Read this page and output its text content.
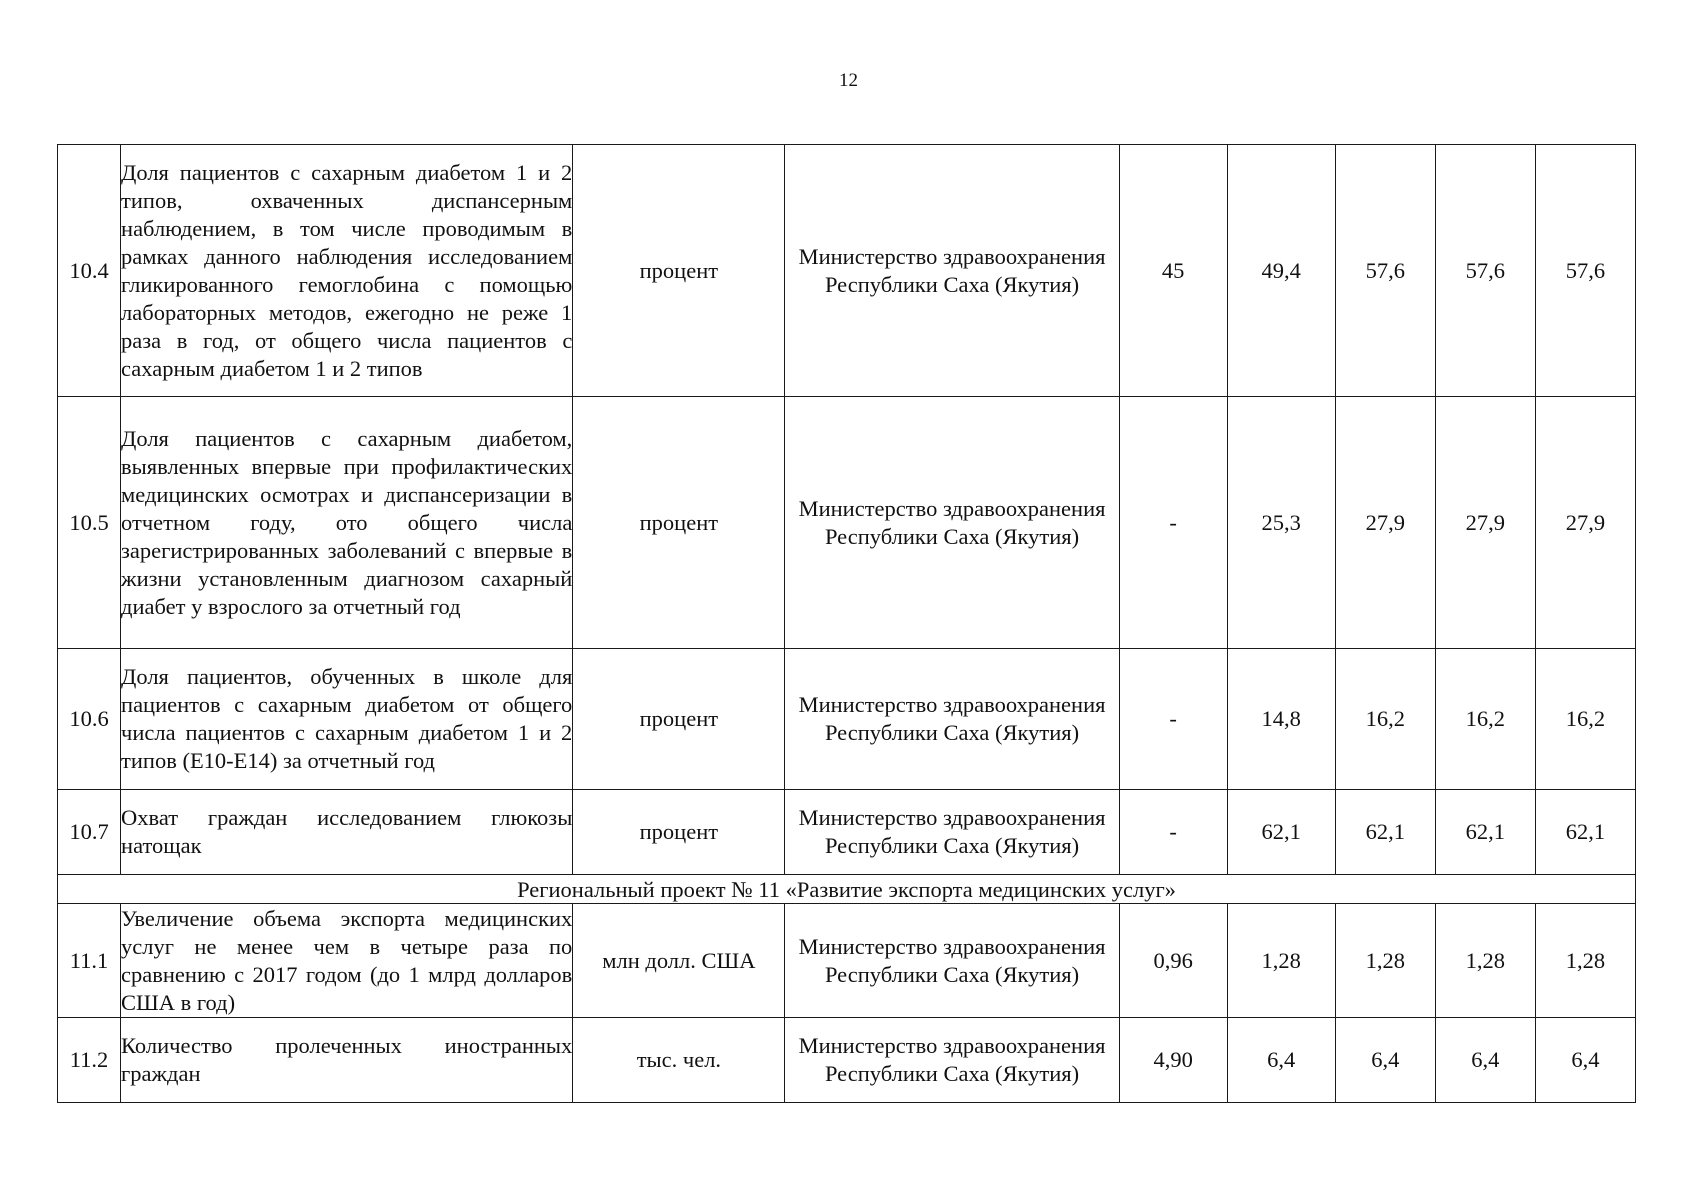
12
10.4	Доля пациентов с сахарным диабетом 1 и 2 типов, охваченных диспансерным наблюдением, в том числе проводимым в рамках данного наблюдения исследованием гликированного гемоглобина с помощью лабораторных методов, ежегодно не реже 1 раза в год, от общего числа пациентов с сахарным диабетом 1 и 2 типов	процент	Министерство здравоохранения Республики Саха (Якутия)	45	49,4	57,6	57,6	57,6
10.5	Доля пациентов с сахарным диабетом, выявленных впервые при профилактических медицинских осмотрах и диспансеризации в отчетном году, ото общего числа зарегистрированных заболеваний с впервые в жизни установленным диагнозом сахарный диабет у взрослого за отчетный год	процент	Министерство здравоохранения Республики Саха (Якутия)	-	25,3	27,9	27,9	27,9
10.6	Доля пациентов, обученных в школе для пациентов с сахарным диабетом от общего числа пациентов с сахарным диабетом 1 и 2 типов (Е10-Е14) за отчетный год	процент	Министерство здравоохранения Республики Саха (Якутия)	-	14,8	16,2	16,2	16,2
10.7	Охват граждан исследованием глюкозы натощак	процент	Министерство здравоохранения Республики Саха (Якутия)	-	62,1	62,1	62,1	62,1
Региональный проект № 11 «Развитие экспорта медицинских услуг»								
11.1	Увеличение объема экспорта медицинских услуг не менее чем в четыре раза по сравнению с 2017 годом (до 1 млрд долларов США в год)	млн долл. США	Министерство здравоохранения Республики Саха (Якутия)	0,96	1,28	1,28	1,28	1,28
11.2	Количество пролеченных иностранных граждан	тыс. чел.	Министерство здравоохранения Республики Саха (Якутия)	4,90	6,4	6,4	6,4	6,4
